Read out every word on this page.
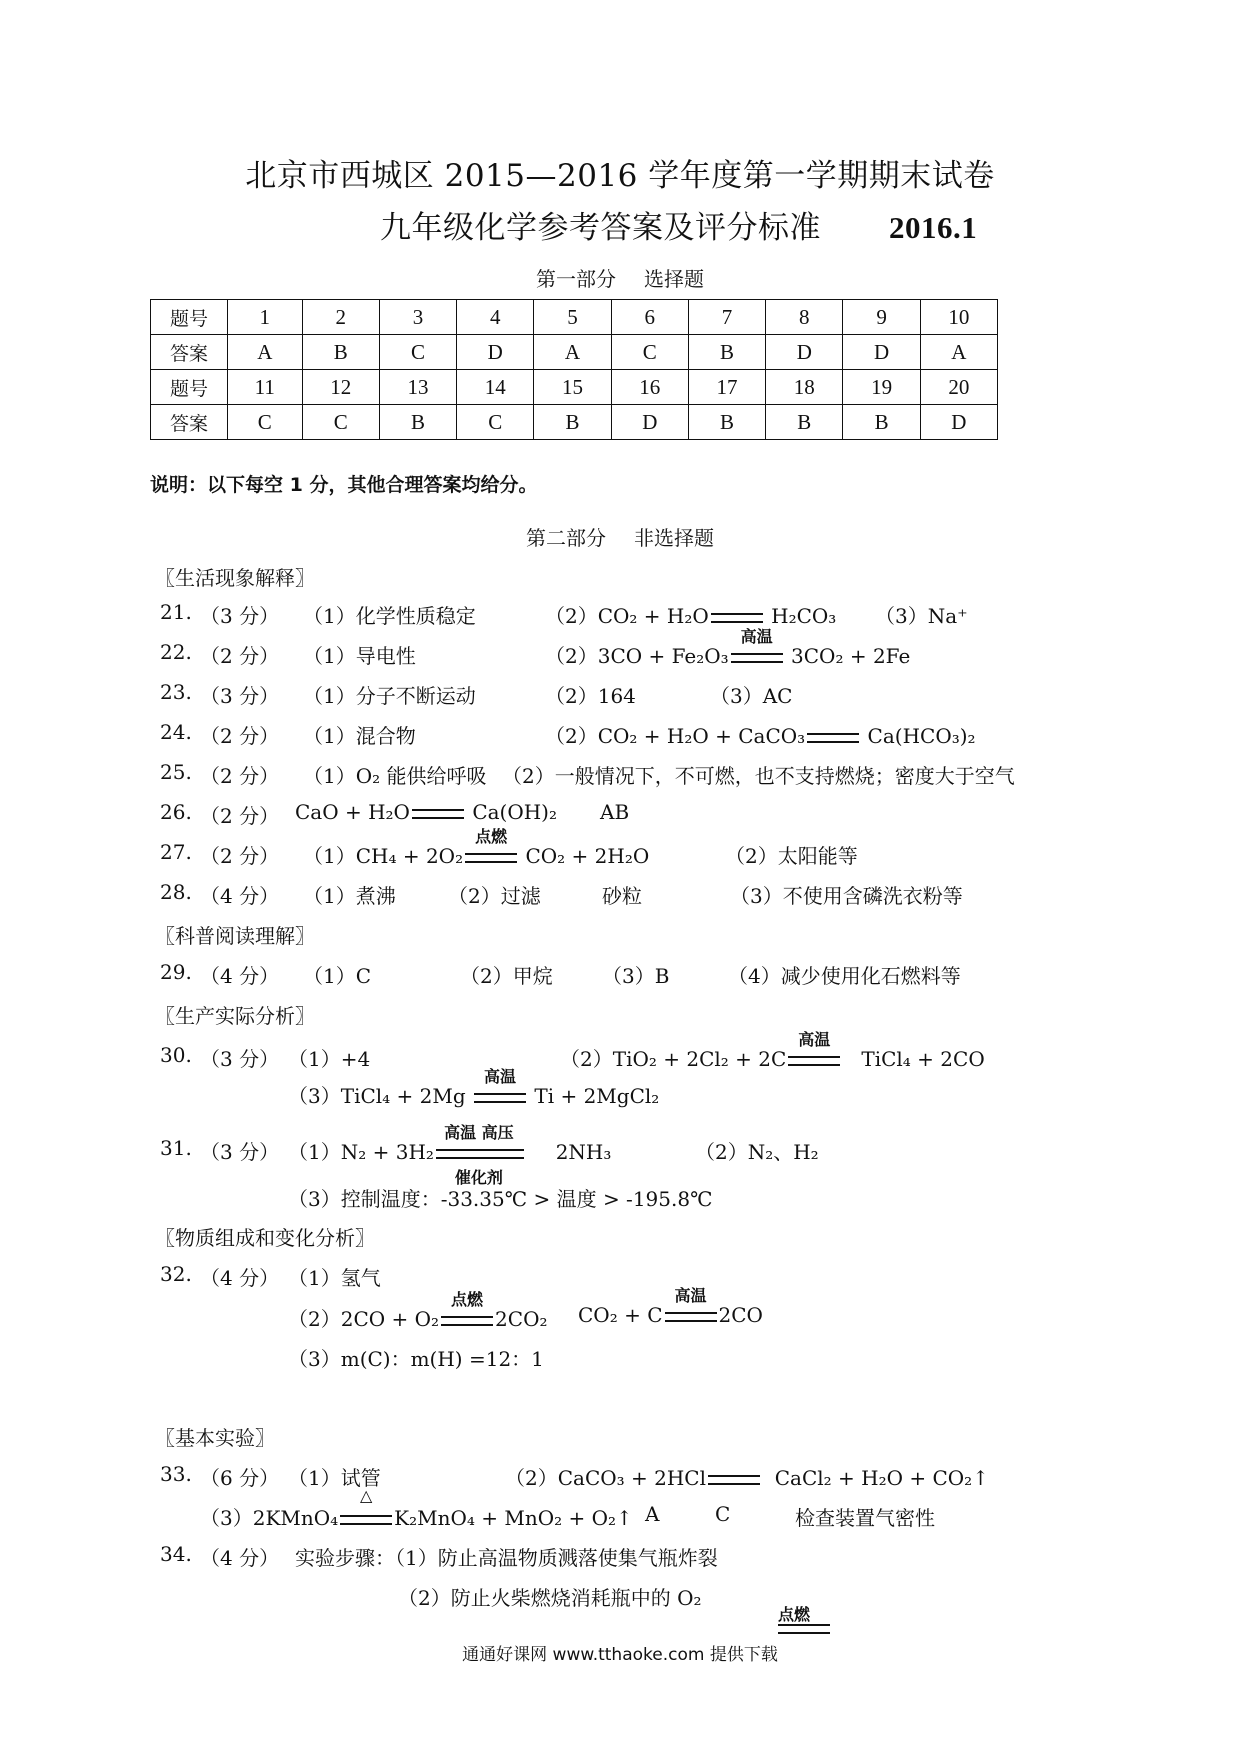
北京市西城区 2015—2016 学年度第一学期期末试卷
九年级化学参考答案及评分标准 2016.1
第一部分 选择题
题号	1	2	3	4	5	6	7	8	9	10
答案	A	B	C	D	A	C	B	D	D	A
题号	11	12	13	14	15	16	17	18	19	20
答案	C	C	B	C	B	D	B	B	B	D
说明：以下每空 1 分，其他合理答案均给分。
第二部分 非选择题
〖生活现象解释〗
21. （3 分） （1）化学性质稳定	（2）CO₂ + H₂O	H₂CO₃ （3）Na⁺
22. （2 分） （1）导电性	（2）3CO + Fe₂O₃
高温
3CO₂ + 2Fe
23. （3 分） （1）分子不断运动	（2）164	（3）AC
24. （2 分） （1）混合物	（2）CO₂ + H₂O + CaCO₃	Ca(HCO₃)₂
25. （2 分） （1）O₂ 能供给呼吸 （2）一般情况下，不可燃，也不支持燃烧；密度大于空气
26. （2 分） CaO + H₂O	Ca(OH)₂ AB
27. （2 分） （1）CH₄ + 2O₂
点燃
CO₂ + 2H₂O	（2）太阳能等
28. （4 分） （1）煮沸	（2）过滤	砂粒	（3）不使用含磷洗衣粉等
〖科普阅读理解〗
29. （4 分） （1）C	（2）甲烷 （3）B	（4）减少使用化石燃料等
〖生产实际分析〗
30. （3 分） （1）+4	（2）TiO₂ + 2Cl₂ + 2C
高温
TiCl₄ + 2CO
（3）TiCl₄ + 2Mg
高温
Ti + 2MgCl₂
31. （3 分） （1）N₂ + 3H₂
高温 高压
催化剂
2NH₃	（2）N₂、H₂
（3）控制温度：-33.35℃ > 温度 > -195.8℃
〖物质组成和变化分析〗
32. （4 分） （1）氢气
（2）2CO + O₂
点燃
2CO₂ CO₂ + C
高温
2CO
（3）m(C)：m(H) =12：1
〖基本实验〗
33. （6 分） （1）试管	（2）CaCO₃ + 2HCl	CaCl₂ + H₂O + CO₂↑
（3）2KMnO₄
△
K₂MnO₄ + MnO₂ + O₂↑ A	C	检查装置气密性
34. （4 分） 实验步骤：（1）防止高温物质溅落使集气瓶炸裂
（2）防止火柴燃烧消耗瓶中的 O₂
点燃
通通好课网 www.tthaoke.com 提供下载
